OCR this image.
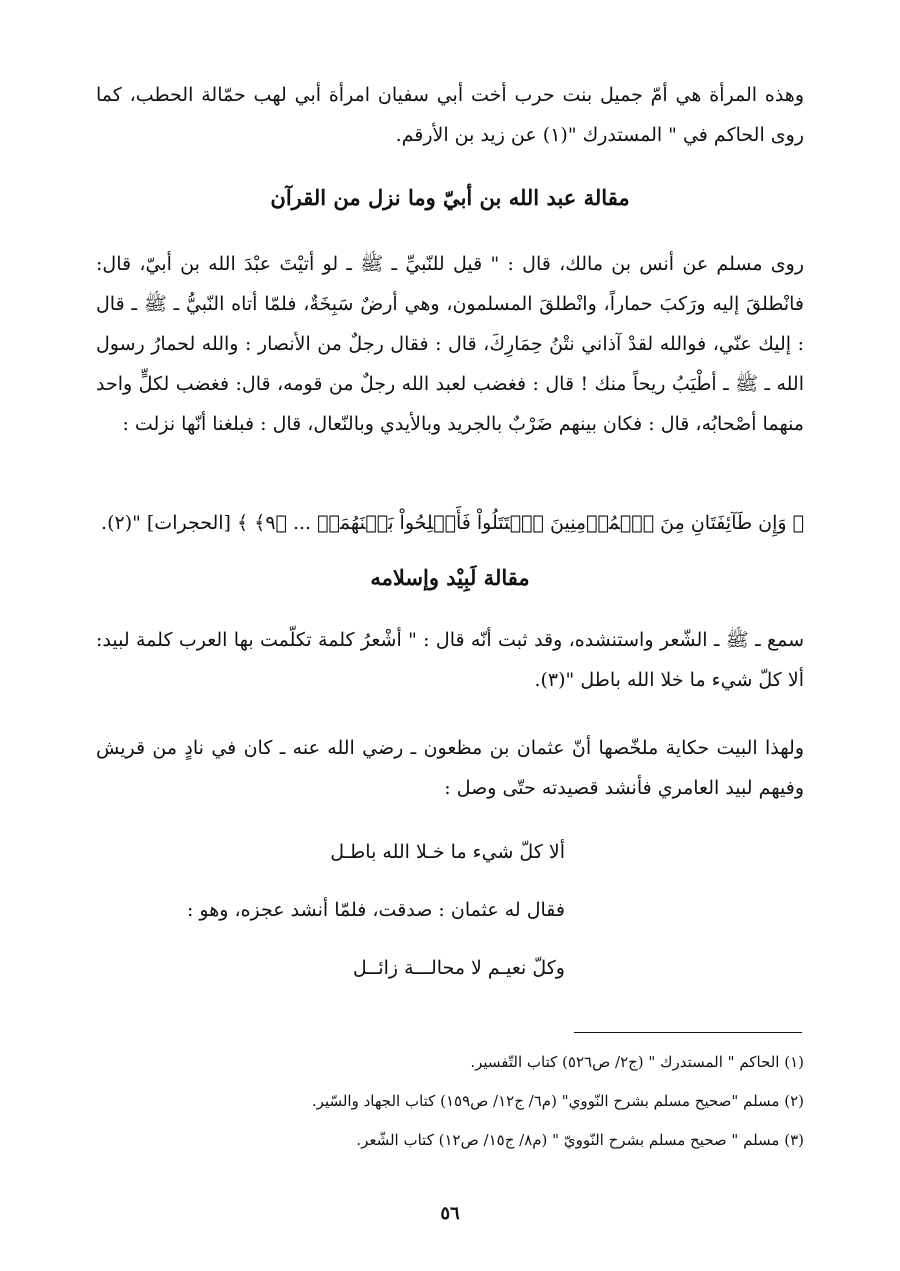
وهذه المرأة هي أمّ جميل بنت حرب أخت أبي سفيان امرأة أبي لهب حمّالة الحطب، كما روى الحاكم في " المستدرك "(١) عن زيد بن الأرقم.
مقالة عبد الله بن أبيّ وما نزل من القرآن
روى مسلم عن أنس بن مالك، قال : " قيل للنّبيِّ ـ ﷺ ـ لو أتيْتَ عبْدَ الله بن أبيّ، قال: فانْطلقَ إليه ورَكبَ حماراً، وانْطلقَ المسلمون، وهي أرضٌ سَبِخَةٌ، فلمّا أتاه النّبيُّ ـ ﷺ ـ قال : إليك عنّي، فوالله لقدْ آذاني نتْنُ حِمَارِكَ، قال : فقال رجلٌ من الأنصار : والله لحمارُ رسول الله ـ ﷺ ـ أطْيَبُ ريحاً منك ! قال : فغضب لعبد الله رجلٌ من قومه، قال: فغضب لكلٍّ واحد منهما أصْحابُه، قال : فكان بينهم ضَرْبٌ بالجريد وبالأيدي وبالنّعال، قال : فبلغنا أنّها نزلت :
﴿ وَإِن طَآئِفَتَانِ مِنَ ٱلۡمُؤۡمِنِينَ ٱقۡتَتَلُواْ فَأَصۡلِحُواْ بَيۡنَهُمَاۖ ... ﴿٩﴾ ﴾ [الحجرات] "(٢).
مقالة لَبِيْد وإسلامه
سمع ـ ﷺ ـ الشّعر واستنشده، وقد ثبت أنّه قال : " أشْعرُ كلمة تكلّمت بها العرب كلمة لبيد: ألا كلّ شيء ما خلا الله باطل "(٣).
ولهذا البيت حكاية ملخّصها أنّ عثمان بن مظعون ـ رضي الله عنه ـ كان في نادٍ من قريش وفيهم لبيد العامري فأنشد قصيدته حتّى وصل :
ألا كلّ شيء ما خـلا الله باطـل
فقال له عثمان : صدقت، فلمّا أنشد عجزه، وهو :
وكلّ نعيـم لا محالـــة زائــل
(١) الحاكم " المستدرك " (ج٢/ ص٥٢٦) كتاب التّفسير.
(٢) مسلم "صحيح مسلم بشرح النّووي" (م٦/ ج١٢/ ص١٥٩) كتاب الجهاد والسّير.
(٣) مسلم " صحيح مسلم بشرح النّوويّ " (م٨/ ج١٥/ ص١٢) كتاب الشّعر.
٥٦
